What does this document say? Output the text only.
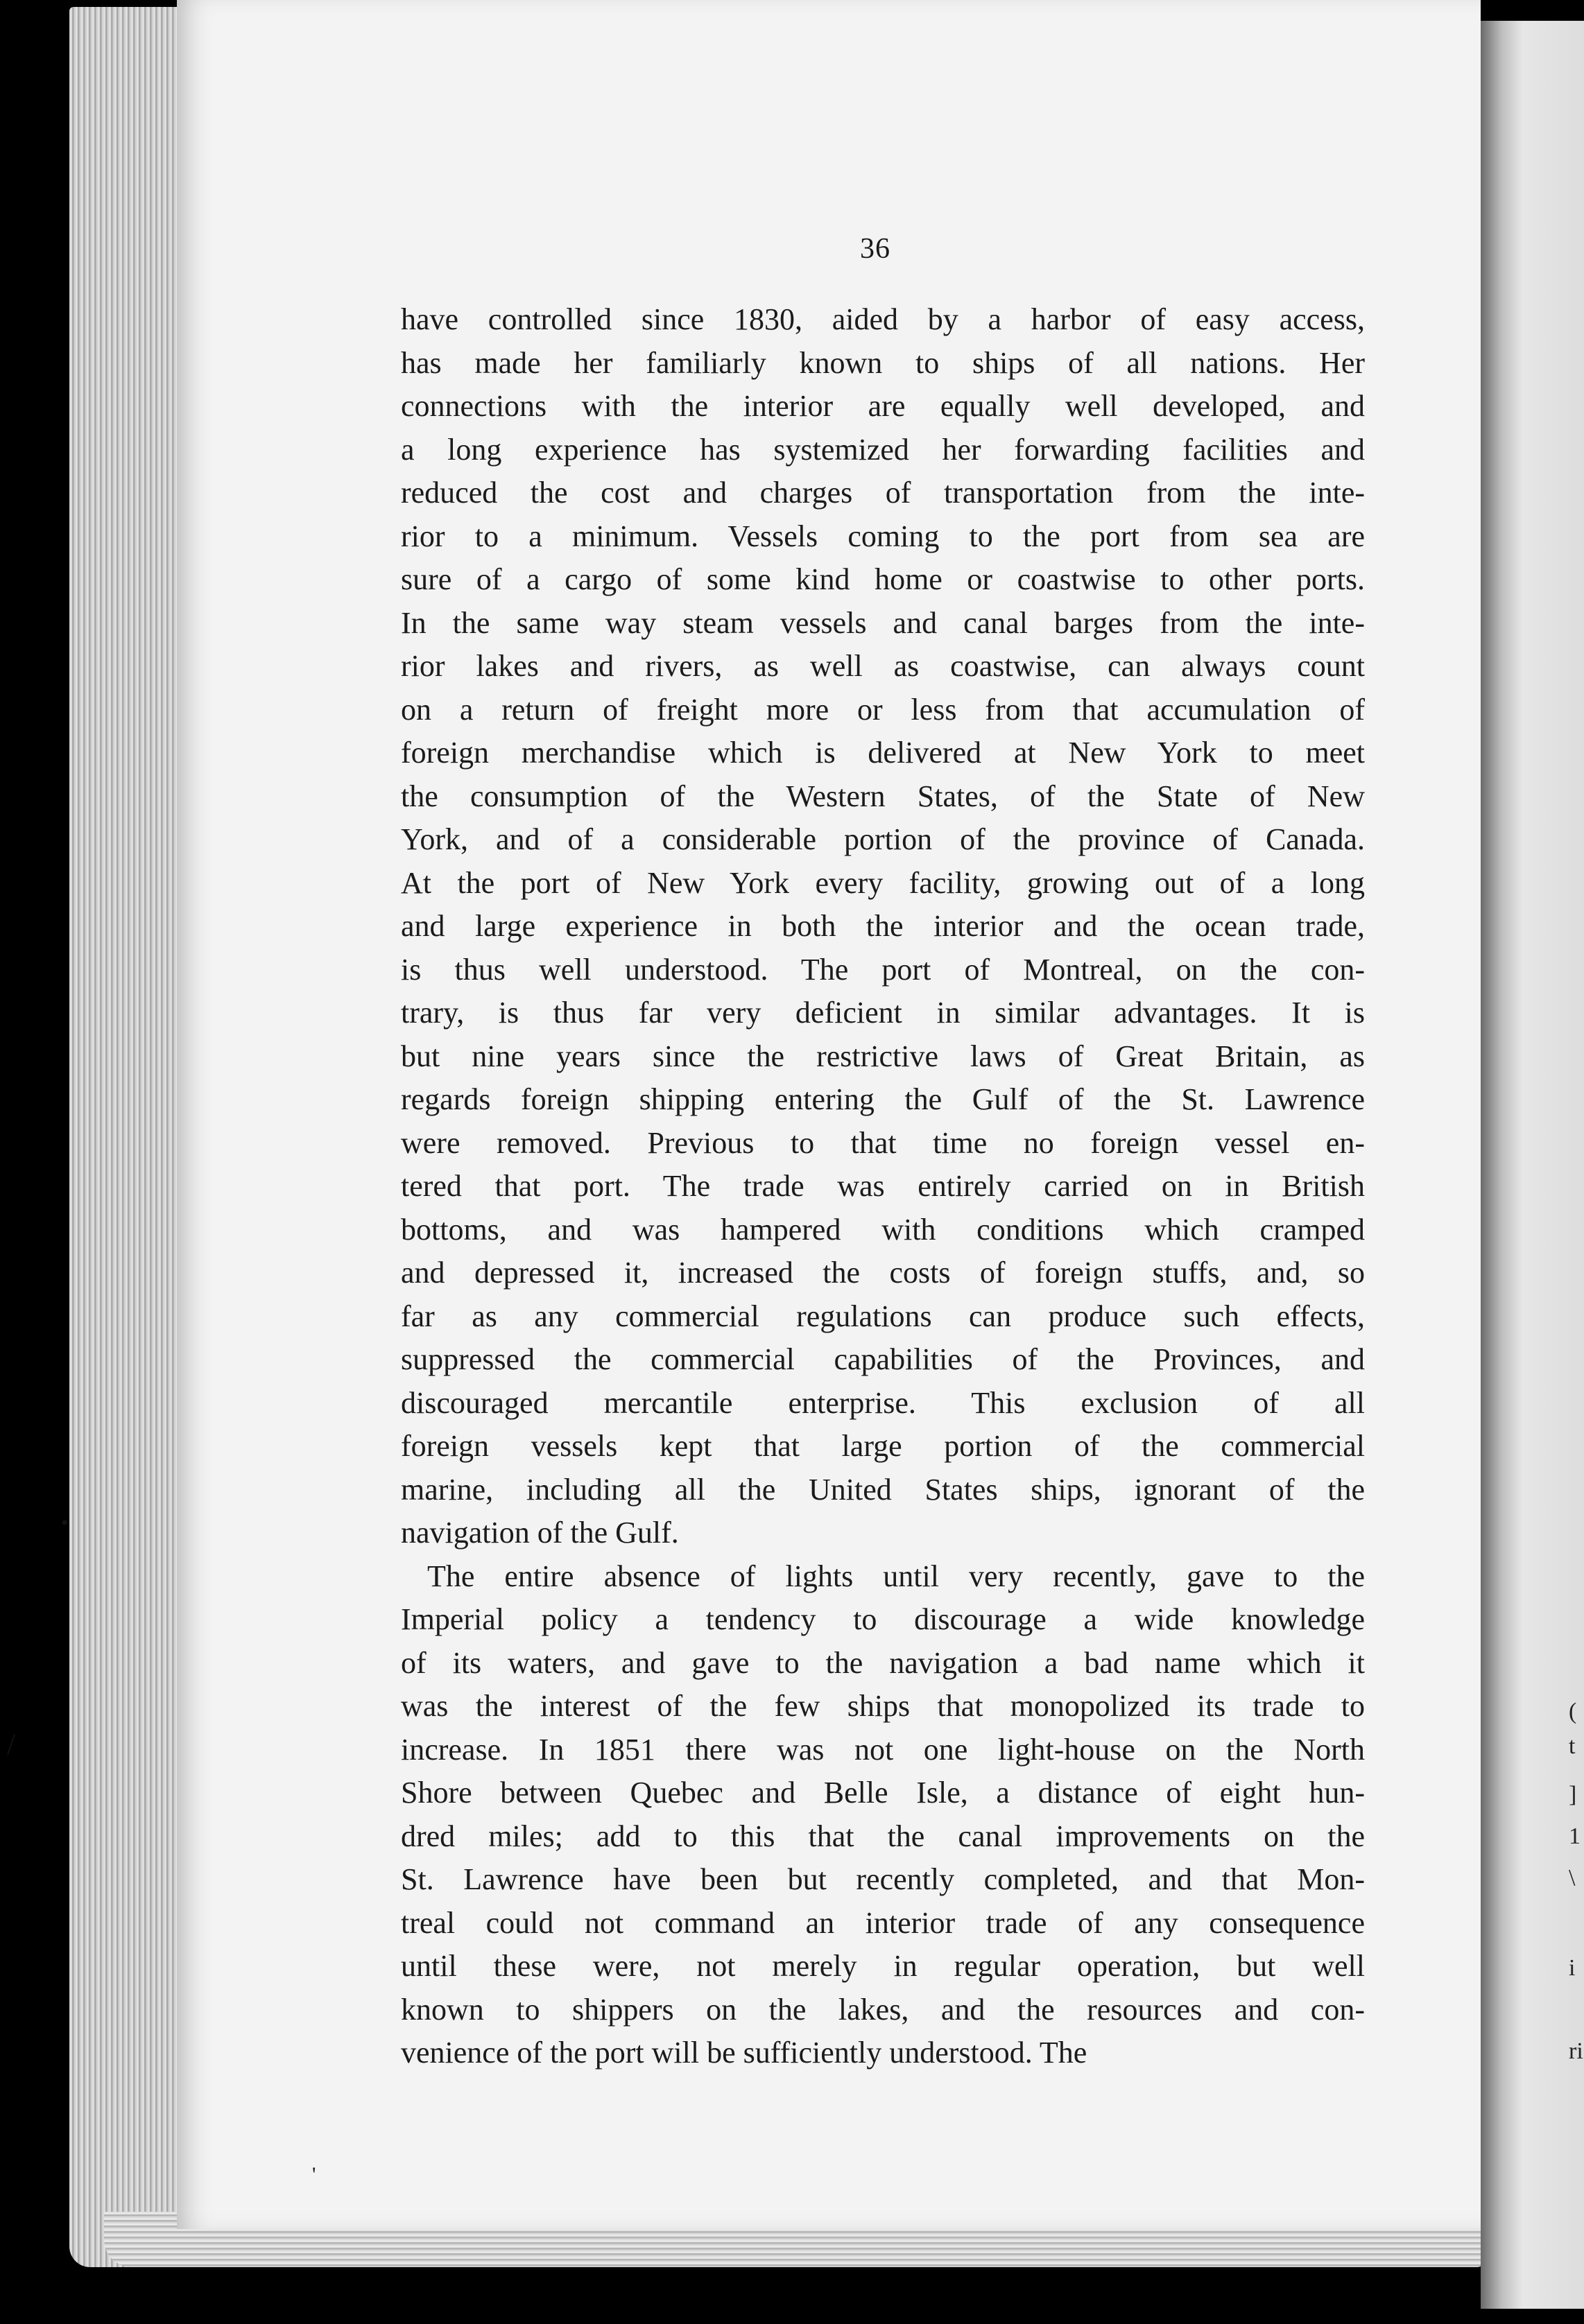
(
t
]
1
\
i
ri
•
/
'
36
have controlled since 1830, aided by a harbor of easy access,
has made her familiarly known to ships of all nations. Her
connections with the interior are equally well developed, and
a long experience has systemized her forwarding facilities and
reduced the cost and charges of transportation from the inte-
rior to a minimum. Vessels coming to the port from sea are
sure of a cargo of some kind home or coastwise to other ports.
In the same way steam vessels and canal barges from the inte-
rior lakes and rivers, as well as coastwise, can always count
on a return of freight more or less from that accumulation of
foreign merchandise which is delivered at New York to meet
the consumption of the Western States, of the State of New
York, and of a considerable portion of the province of Canada.
At the port of New York every facility, growing out of a long
and large experience in both the interior and the ocean trade,
is thus well understood. The port of Montreal, on the con-
trary, is thus far very deficient in similar advantages. It is
but nine years since the restrictive laws of Great Britain, as
regards foreign shipping entering the Gulf of the St. Lawrence
were removed. Previous to that time no foreign vessel en-
tered that port. The trade was entirely carried on in British
bottoms, and was hampered with conditions which cramped
and depressed it, increased the costs of foreign stuffs, and, so
far as any commercial regulations can produce such effects,
suppressed the commercial capabilities of the Provinces, and
discouraged mercantile enterprise. This exclusion of all
foreign vessels kept that large portion of the commercial
marine, including all the United States ships, ignorant of the
navigation of the Gulf.
The entire absence of lights until very recently, gave to the
Imperial policy a tendency to discourage a wide knowledge
of its waters, and gave to the navigation a bad name which it
was the interest of the few ships that monopolized its trade to
increase. In 1851 there was not one light-house on the North
Shore between Quebec and Belle Isle, a distance of eight hun-
dred miles; add to this that the canal improvements on the
St. Lawrence have been but recently completed, and that Mon-
treal could not command an interior trade of any consequence
until these were, not merely in regular operation, but well
known to shippers on the lakes, and the resources and con-
venience of the port will be sufficiently understood. The
